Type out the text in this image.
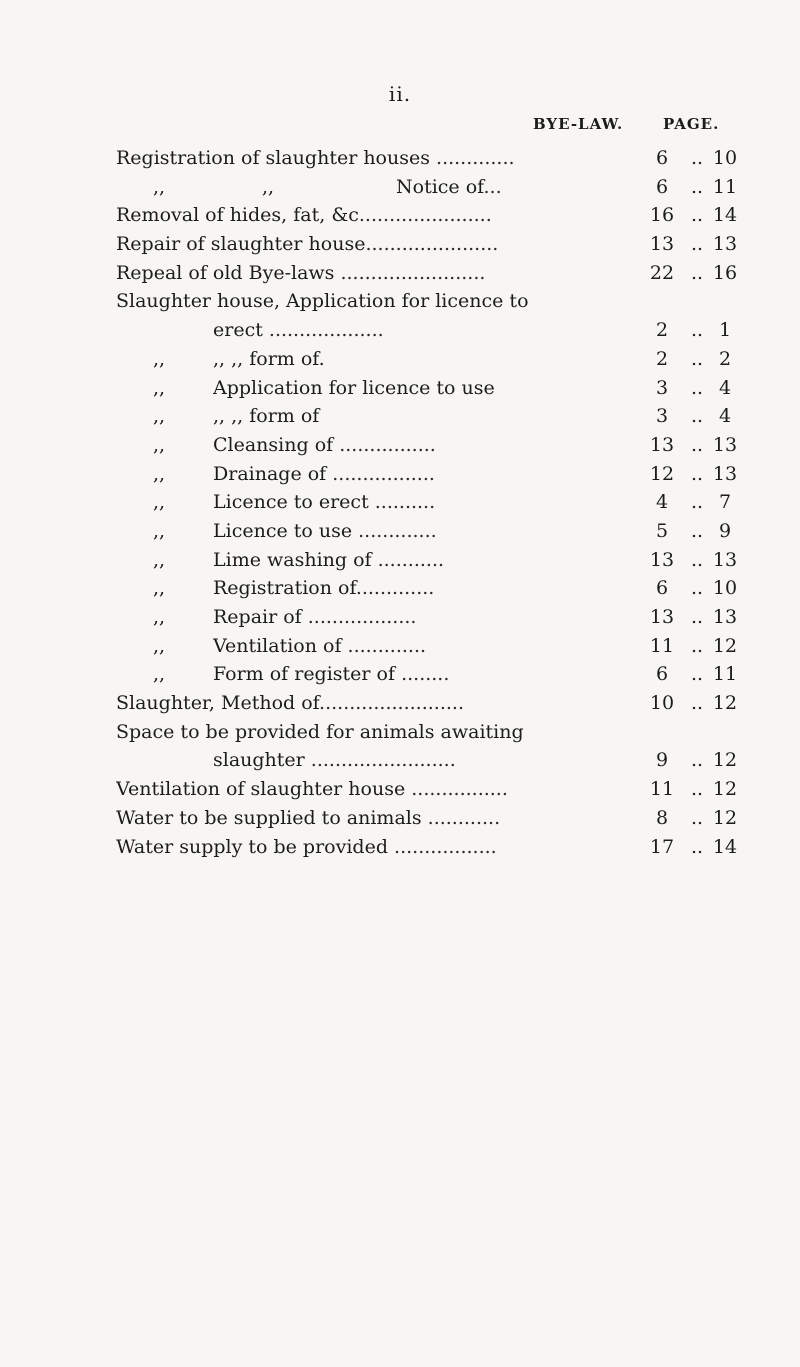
ii.
BYE-LAW.	PAGE.
Registration of slaughter houses .............	6	.. 10
,,	,,	Notice of...	6	.. 11
Removal of hides, fat, &c......................	16 .. 14
Repair of slaughter house......................	13 .. 13
Repeal of old Bye-laws ........................	22 .. 16
Slaughter house, Application for licence to
erect ...................	2	.. 1
,,	,, ,, form of.	2	.. 2
,,	Application for licence to use	3	.. 4
,,	,, ,, form of	3	.. 4
,,	Cleansing of ................	13 .. 13
,,	Drainage of .................	12 .. 13
,,	Licence to erect ..........	4	.. 7
,,	Licence to use .............	5	.. 9
,,	Lime washing of ...........	13 .. 13
,,	Registration of.............	6	.. 10
,,	Repair of ..................	13 .. 13
,,	Ventilation of .............	11 .. 12
,,	Form of register of ........	6	.. 11
Slaughter, Method of........................	10 .. 12
Space to be provided for animals awaiting
slaughter ........................	9	.. 12
Ventilation of slaughter house ................	11 .. 12
Water to be supplied to animals ............	8	.. 12
Water supply to be provided .................	17 .. 14
